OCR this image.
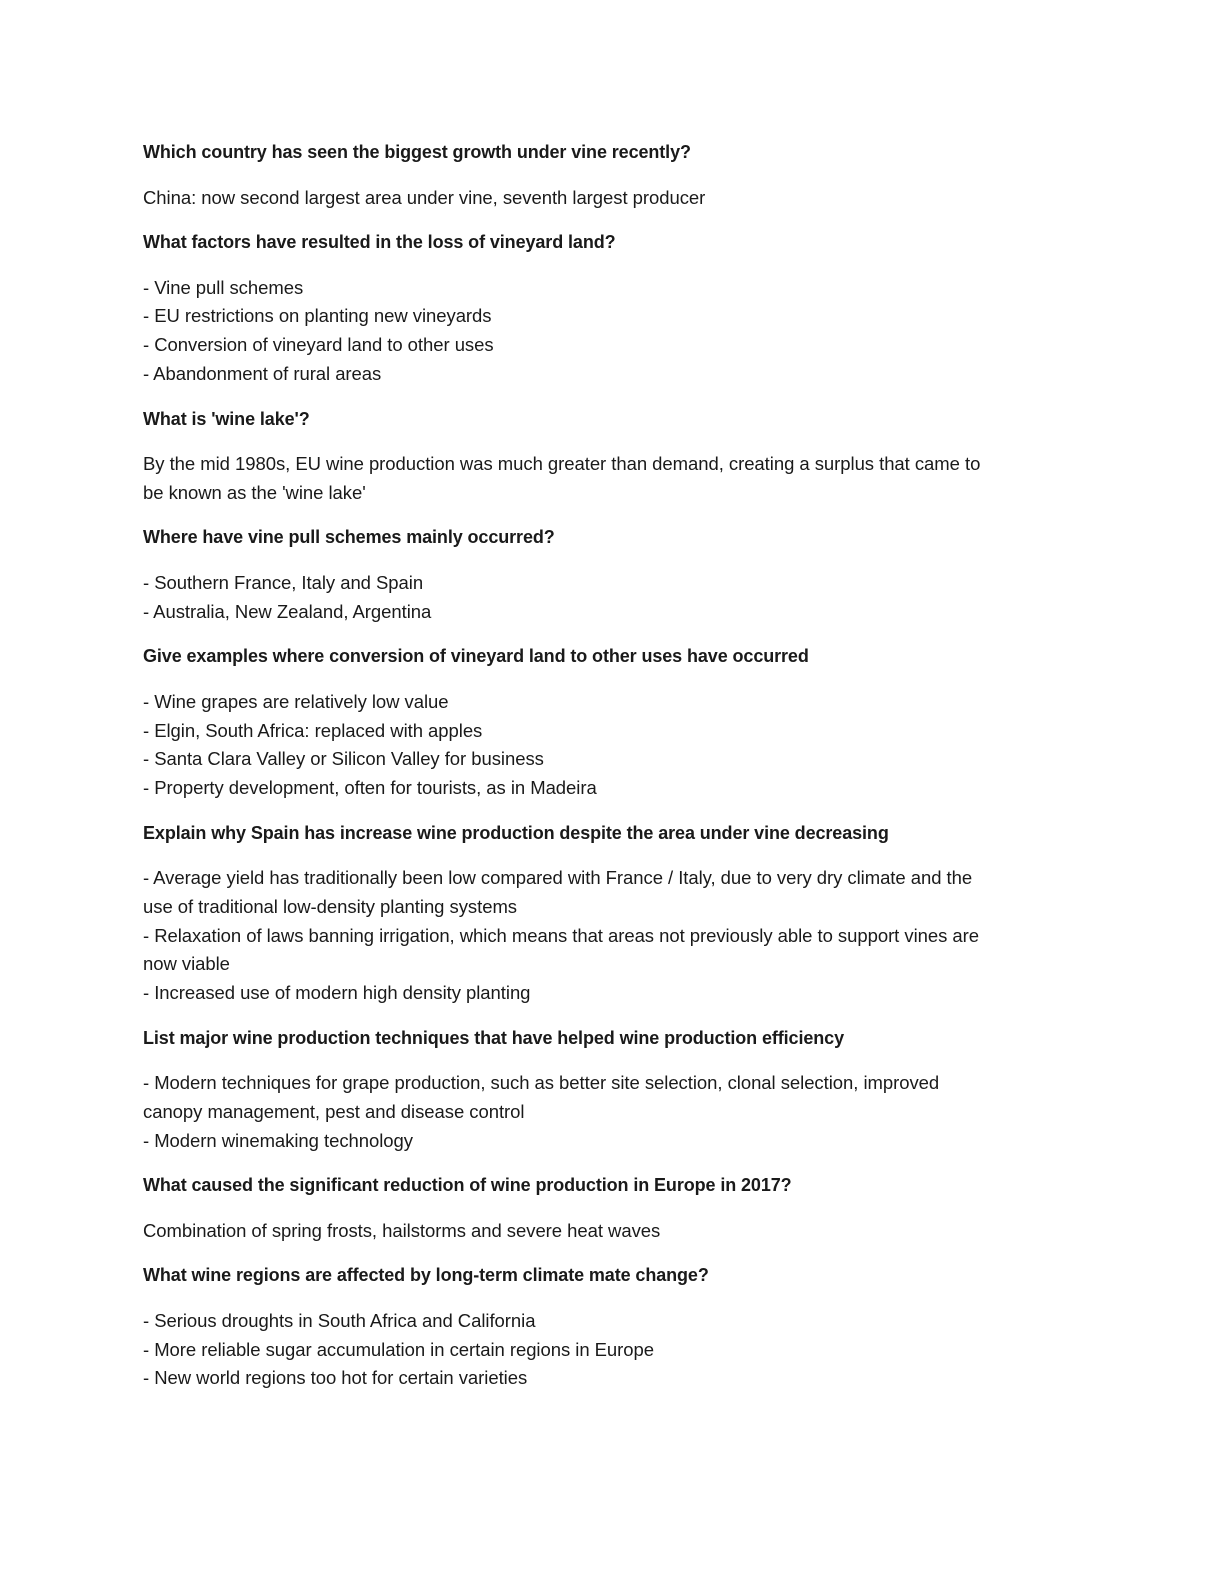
Which country has seen the biggest growth under vine recently?

China: now second largest area under vine, seventh largest producer

What factors have resulted in the loss of vineyard land?

- Vine pull schemes
- EU restrictions on planting new vineyards
- Conversion of vineyard land to other uses
- Abandonment of rural areas

What is 'wine lake'?

By the mid 1980s, EU wine production was much greater than demand, creating a surplus that came to
be known as the 'wine lake'

Where have vine pull schemes mainly occurred?

- Southern France, Italy and Spain
- Australia, New Zealand, Argentina

Give examples where conversion of vineyard land to other uses have occurred

- Wine grapes are relatively low value
- Elgin, South Africa: replaced with apples
- Santa Clara Valley or Silicon Valley for business
- Property development, often for tourists, as in Madeira

Explain why Spain has increase wine production despite the area under vine decreasing

- Average yield has traditionally been low compared with France / Italy, due to very dry climate and the
use of traditional low-density planting systems
- Relaxation of laws banning irrigation, which means that areas not previously able to support vines are
now viable
- Increased use of modern high density planting

List major wine production techniques that have helped wine production efficiency

- Modern techniques for grape production, such as better site selection, clonal selection, improved
canopy management, pest and disease control
- Modern winemaking technology

What caused the significant reduction of wine production in Europe in 2017?

Combination of spring frosts, hailstorms and severe heat waves

What wine regions are affected by long-term climate mate change?

- Serious droughts in South Africa and California
- More reliable sugar accumulation in certain regions in Europe
- New world regions too hot for certain varieties
